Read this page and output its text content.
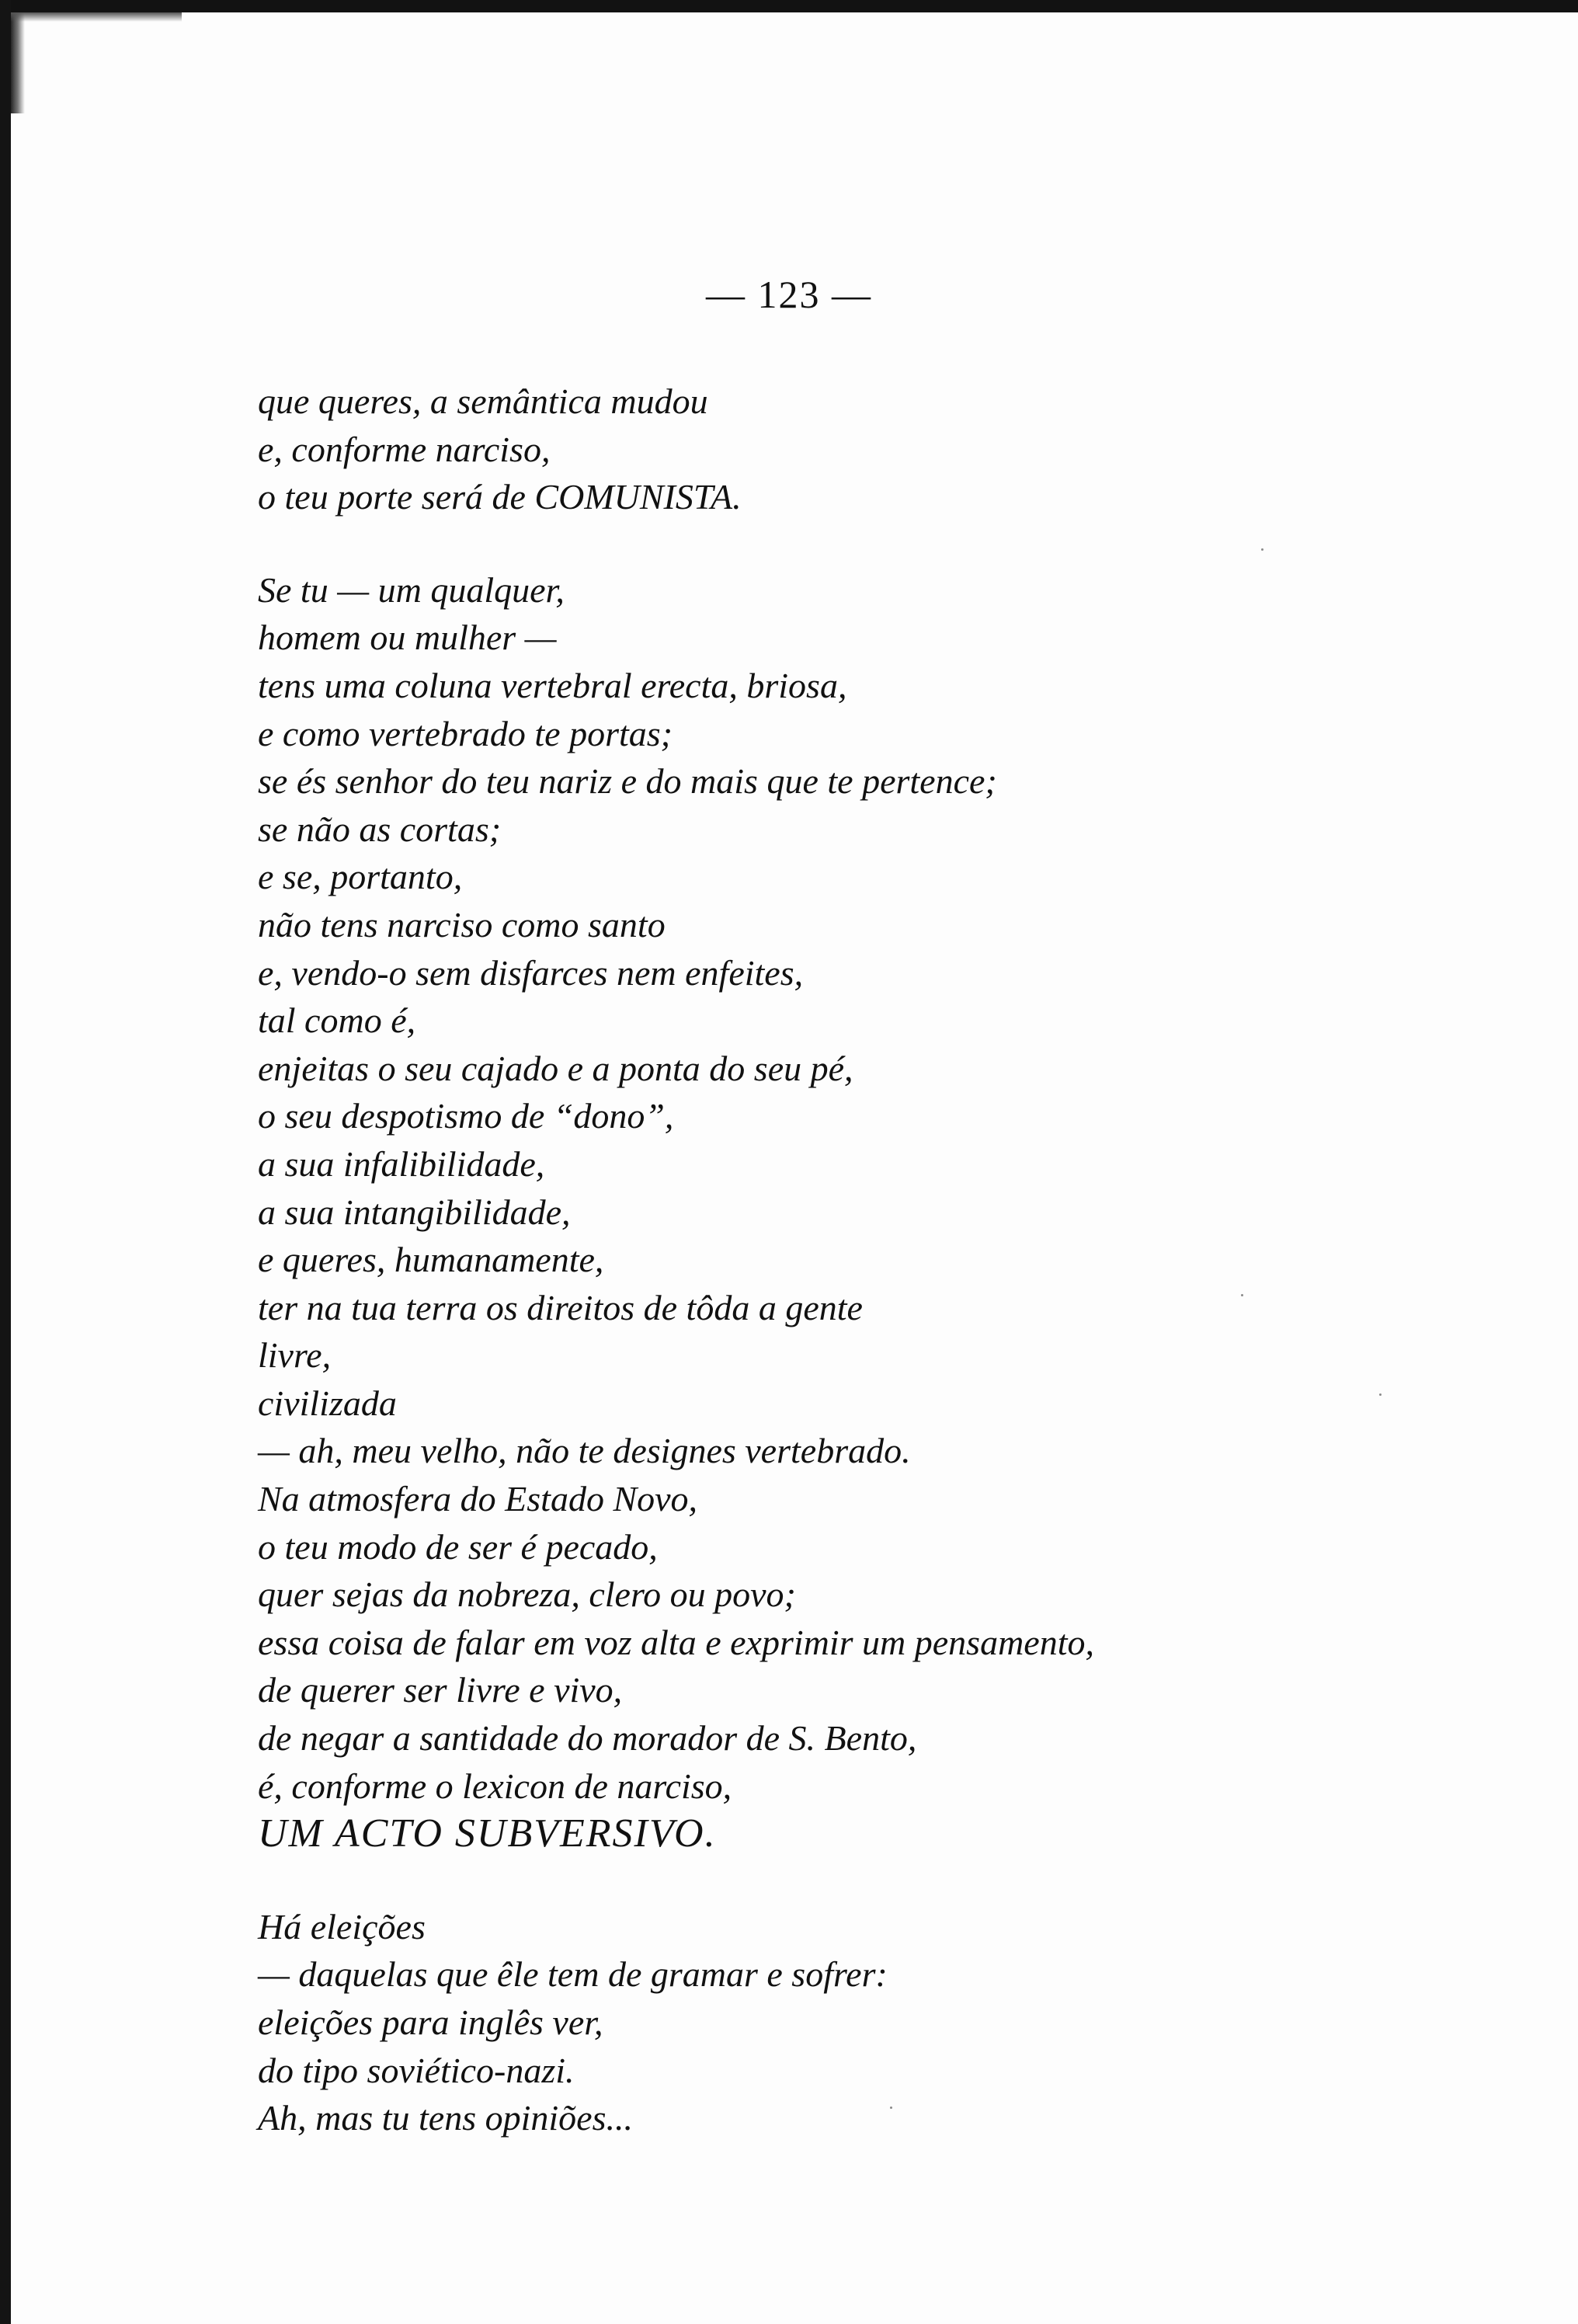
— 123 —
que queres, a semântica mudou
e, conforme narciso,
o teu porte será de COMUNISTA.
Se tu — um qualquer,
homem ou mulher —
tens uma coluna vertebral erecta, briosa,
e como vertebrado te portas;
se és senhor do teu nariz e do mais que te pertence;
se não as cortas;
e se, portanto,
não tens narciso como santo
e, vendo-o sem disfarces nem enfeites,
tal como é,
enjeitas o seu cajado e a ponta do seu pé,
o seu despotismo de “dono”,
a sua infalibilidade,
a sua intangibilidade,
e queres, humanamente,
ter na tua terra os direitos de tôda a gente
livre,
civilizada
— ah, meu velho, não te designes vertebrado.
Na atmosfera do Estado Novo,
o teu modo de ser é pecado,
quer sejas da nobreza, clero ou povo;
essa coisa de falar em voz alta e exprimir um pensamento,
de querer ser livre e vivo,
de negar a santidade do morador de S. Bento,
é, conforme o lexicon de narciso,
UM ACTO SUBVERSIVO.
Há eleições
— daquelas que êle tem de gramar e sofrer:
eleições para inglês ver,
do tipo soviético-nazi.
Ah, mas tu tens opiniões...
